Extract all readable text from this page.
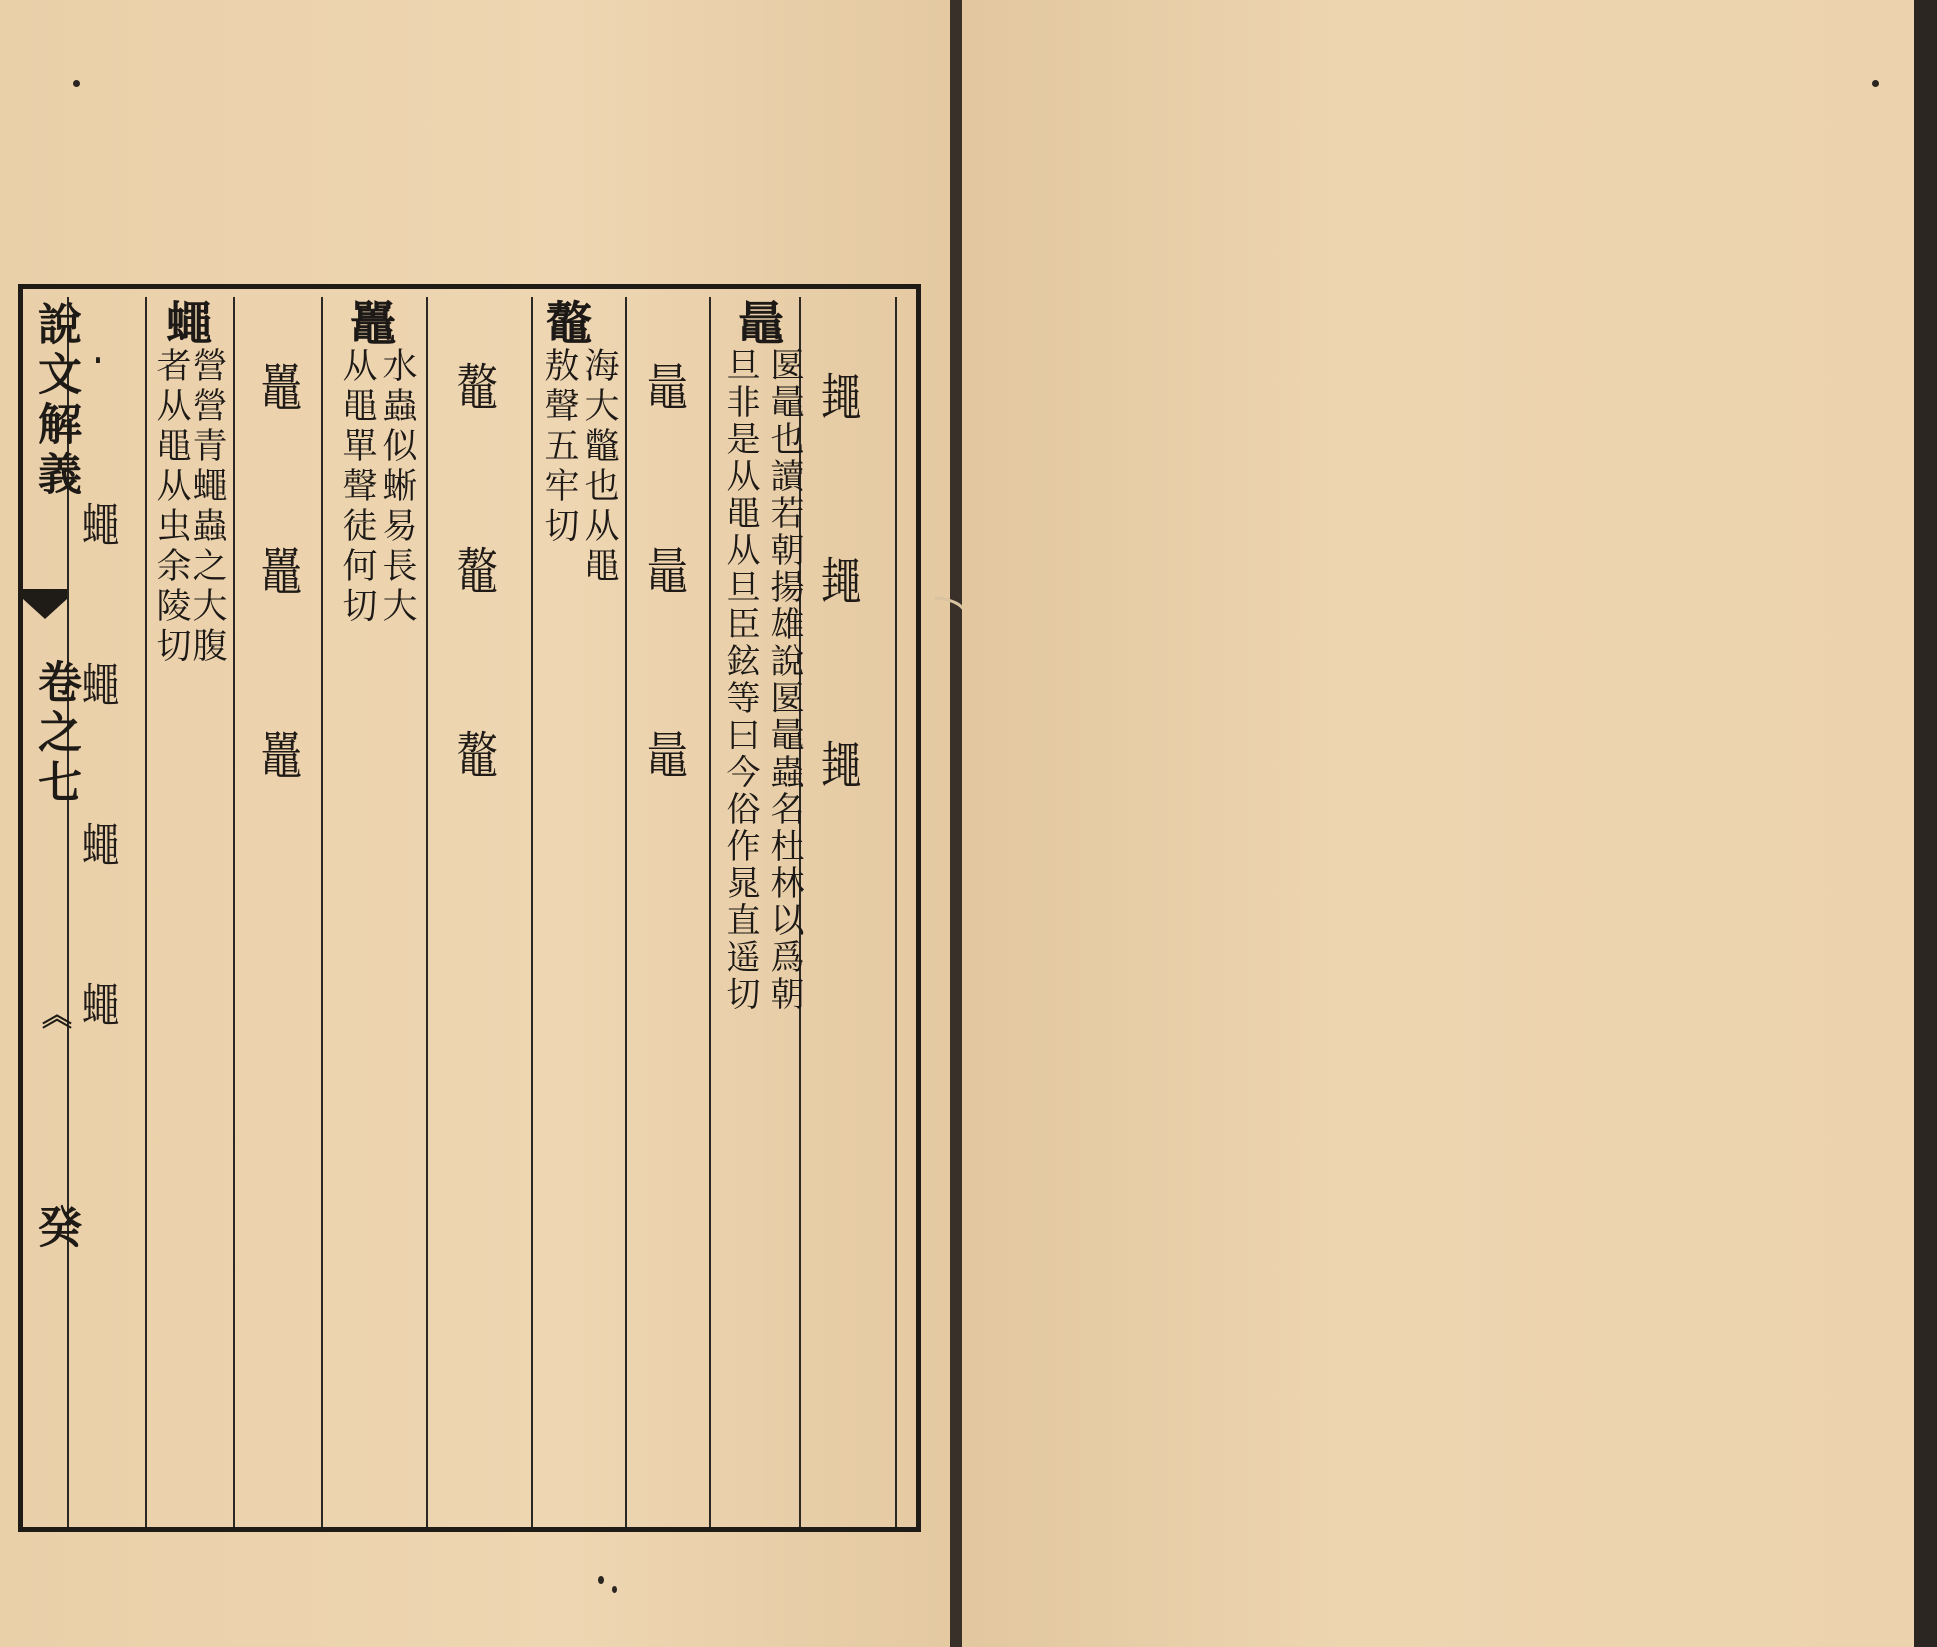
說文解義
卷之七
《
癸
䵷 䵷 䵷
鼂
匽鼂也讀若朝揚雄說匽鼂蟲名杜林以爲朝
旦非是从黽从旦臣鉉等曰今俗作晁直遥切
鼂 鼂 鼂
鼇
海大鼈也从黽
敖聲五牢切
鼇 鼇 鼇
鼉
水蟲似蜥易長大
从黽單聲徒何切
鼉 鼉 鼉
蠅
營營青蠅蟲之大腹
者从黽从虫余陵切
· 蠅 蠅 蠅 蠅
